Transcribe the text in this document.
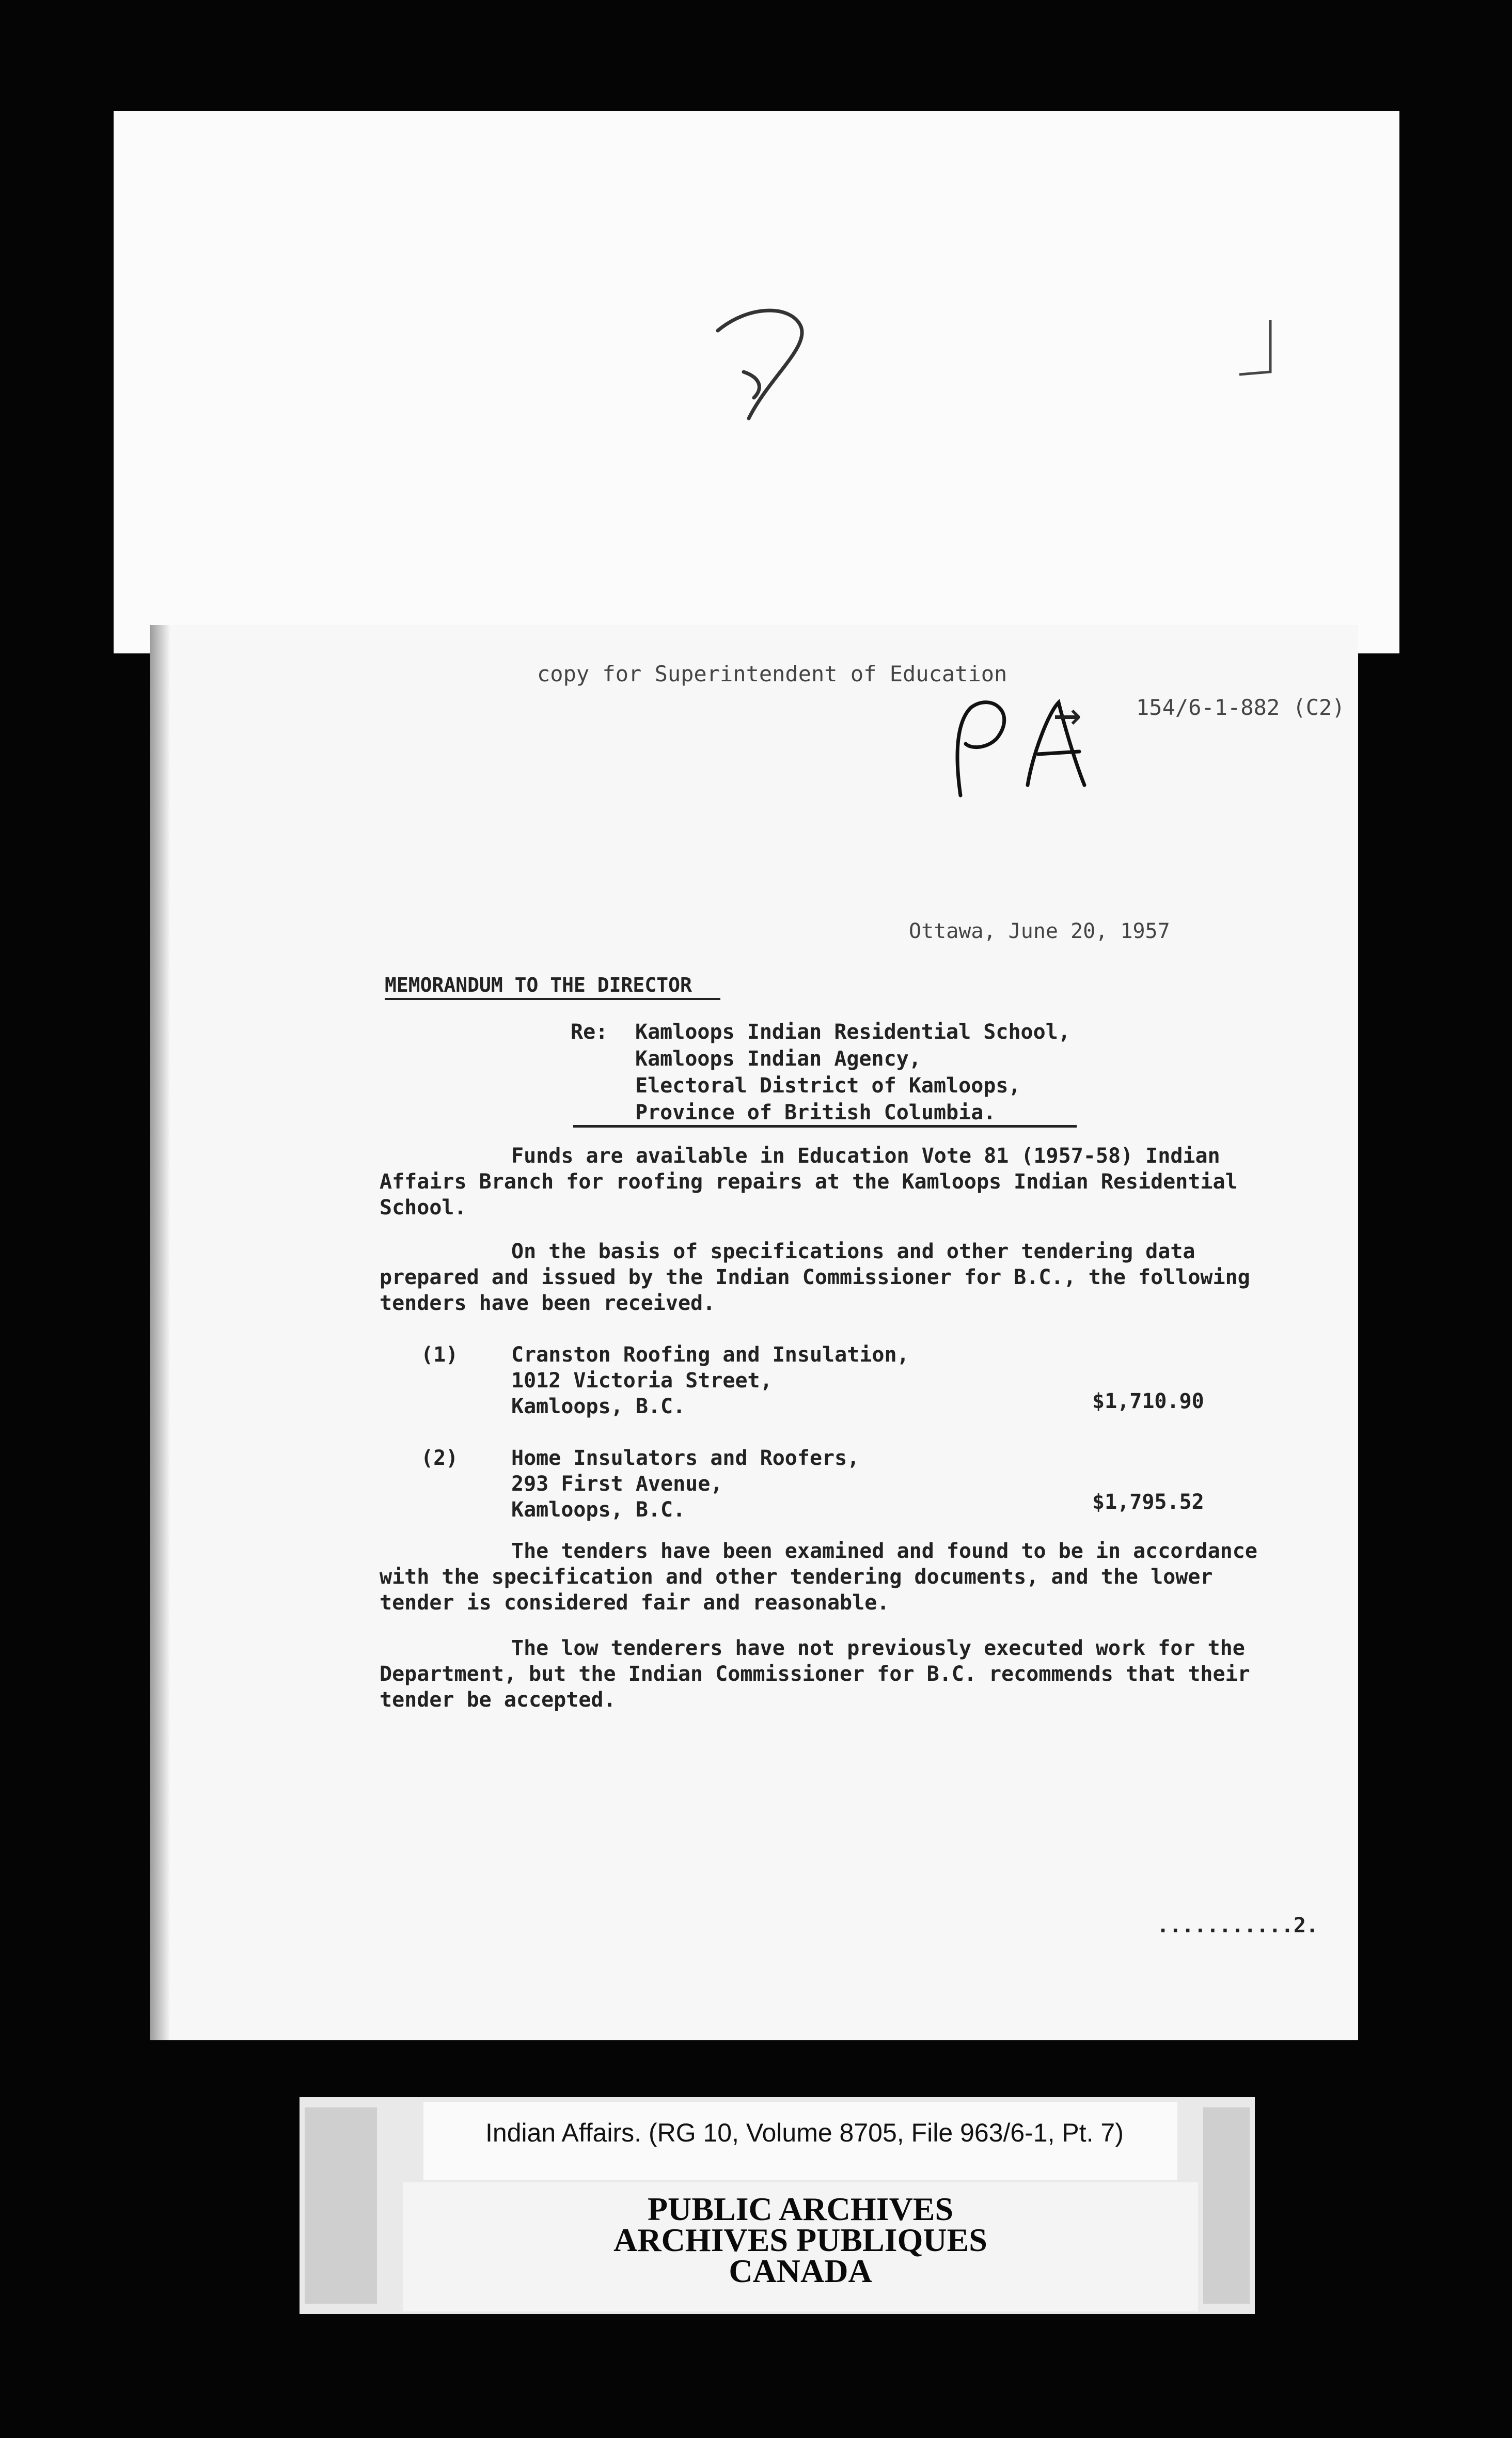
copy for Superintendent of Education
→	154/6-1-882 (C2)
Ottawa, June 20, 1957
MEMORANDUM TO THE DIRECTOR
Re: Kamloops Indian Residential School,
Kamloops Indian Agency,
Electoral District of Kamloops,
Province of British Columbia.
Funds are available in Education Vote 81 (1957-58) Indian
Affairs Branch for roofing repairs at the Kamloops Indian Residential
School.
On the basis of specifications and other tendering data
prepared and issued by the Indian Commissioner for B.C., the following
tenders have been received.
(1)	Cranston Roofing and Insulation,
1012 Victoria Street,
Kamloops, B.C.	$1,710.90
(2)	Home Insulators and Roofers,
293 First Avenue,
Kamloops, B.C.	$1,795.52
The tenders have been examined and found to be in accordance
with the specification and other tendering documents, and the lower
tender is considered fair and reasonable.
The low tenderers have not previously executed work for the
Department, but the Indian Commissioner for B.C. recommends that their
tender be accepted.
...........2.
Indian Affairs. (RG 10, Volume 8705, File 963/6-1, Pt. 7)
PUBLIC ARCHIVES
ARCHIVES PUBLIQUES
CANADA
